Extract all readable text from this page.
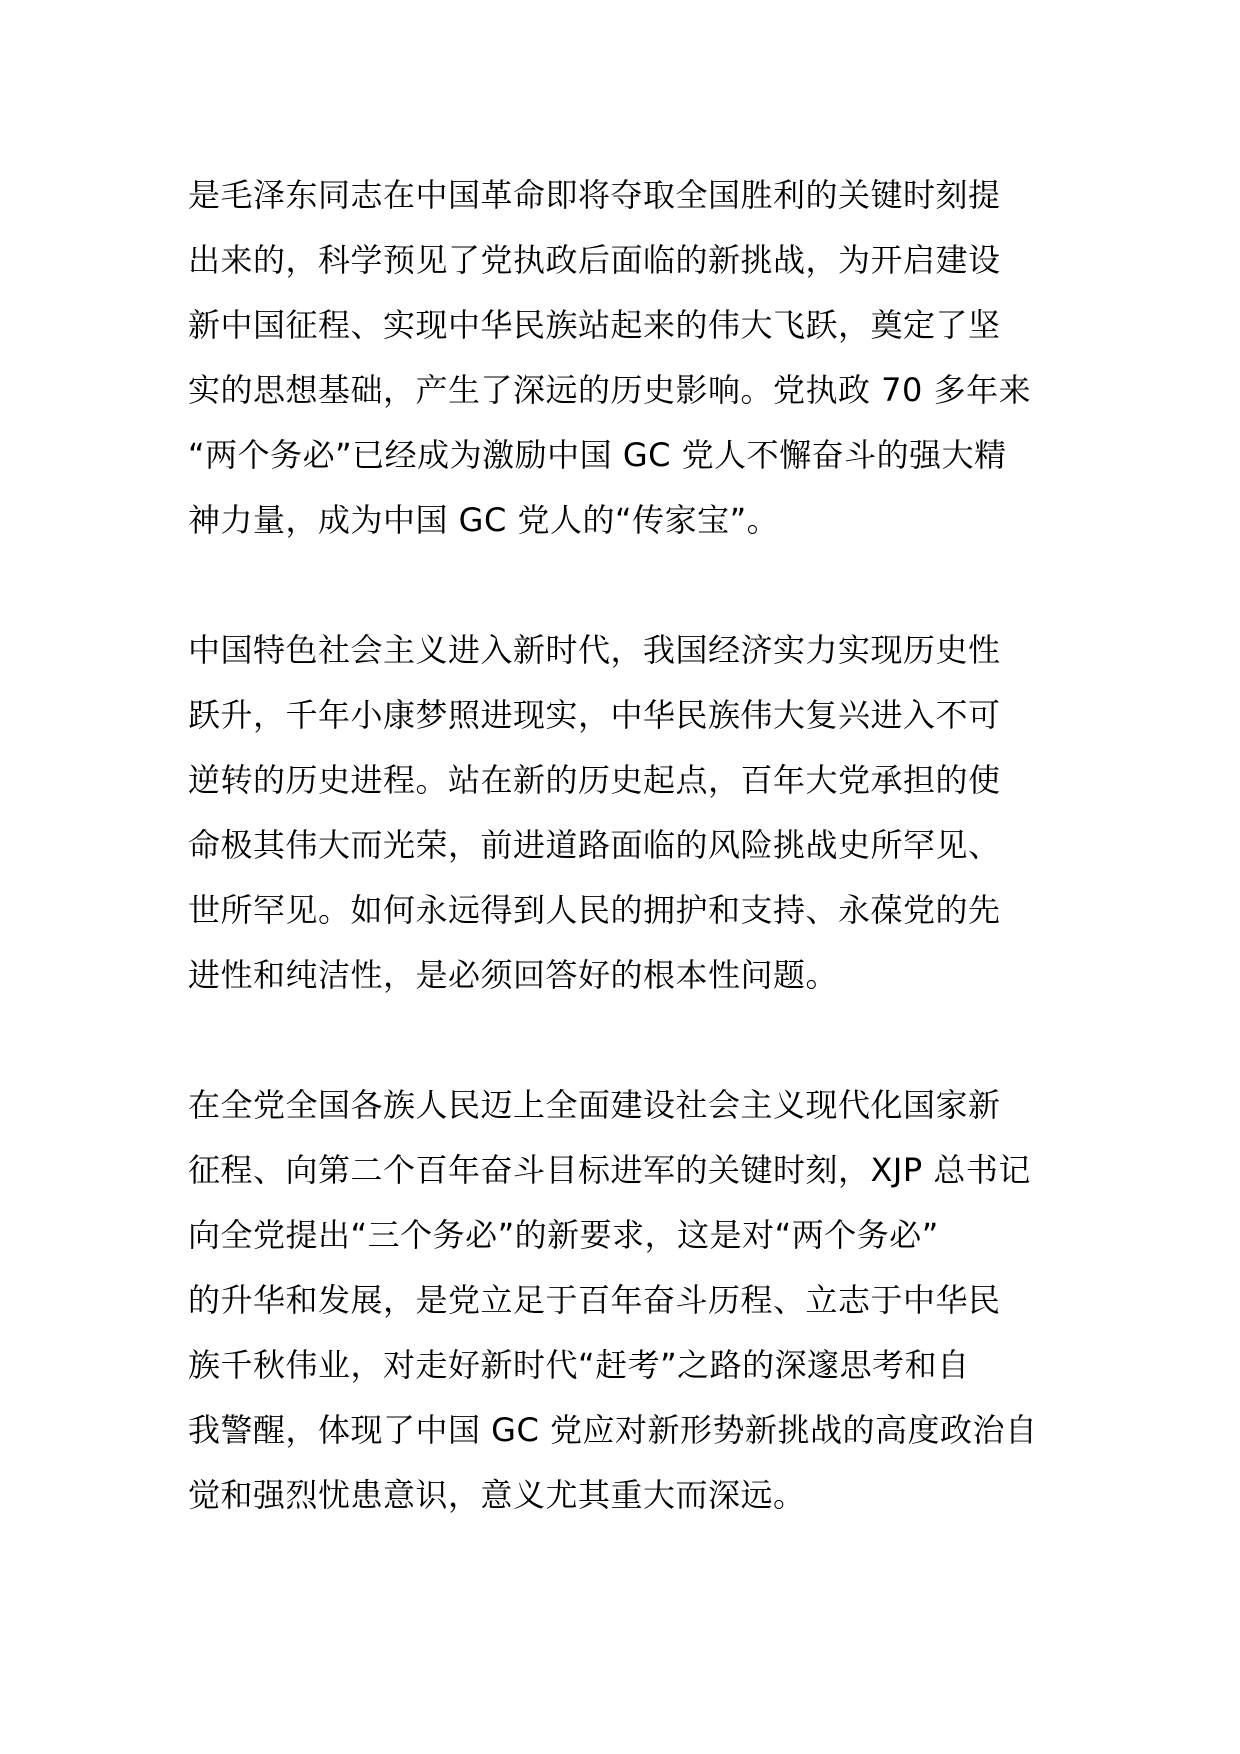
是毛泽东同志在中国革命即将夺取全国胜利的关键时刻提
出来的，科学预见了党执政后面临的新挑战，为开启建设
新中国征程、实现中华民族站起来的伟大飞跃，奠定了坚
实的思想基础，产生了深远的历史影响。党执政 70 多年来
“两个务必”已经成为激励中国 GC 党人不懈奋斗的强大精
神力量，成为中国 GC 党人的“传家宝”。

中国特色社会主义进入新时代，我国经济实力实现历史性
跃升，千年小康梦照进现实，中华民族伟大复兴进入不可
逆转的历史进程。站在新的历史起点，百年大党承担的使
命极其伟大而光荣，前进道路面临的风险挑战史所罕见、
世所罕见。如何永远得到人民的拥护和支持、永葆党的先
进性和纯洁性，是必须回答好的根本性问题。

在全党全国各族人民迈上全面建设社会主义现代化国家新
征程、向第二个百年奋斗目标进军的关键时刻，XJP 总书记
向全党提出“三个务必”的新要求，这是对“两个务必”
的升华和发展，是党立足于百年奋斗历程、立志于中华民
族千秋伟业，对走好新时代“赶考”之路的深邃思考和自
我警醒，体现了中国 GC 党应对新形势新挑战的高度政治自
觉和强烈忧患意识，意义尤其重大而深远。
